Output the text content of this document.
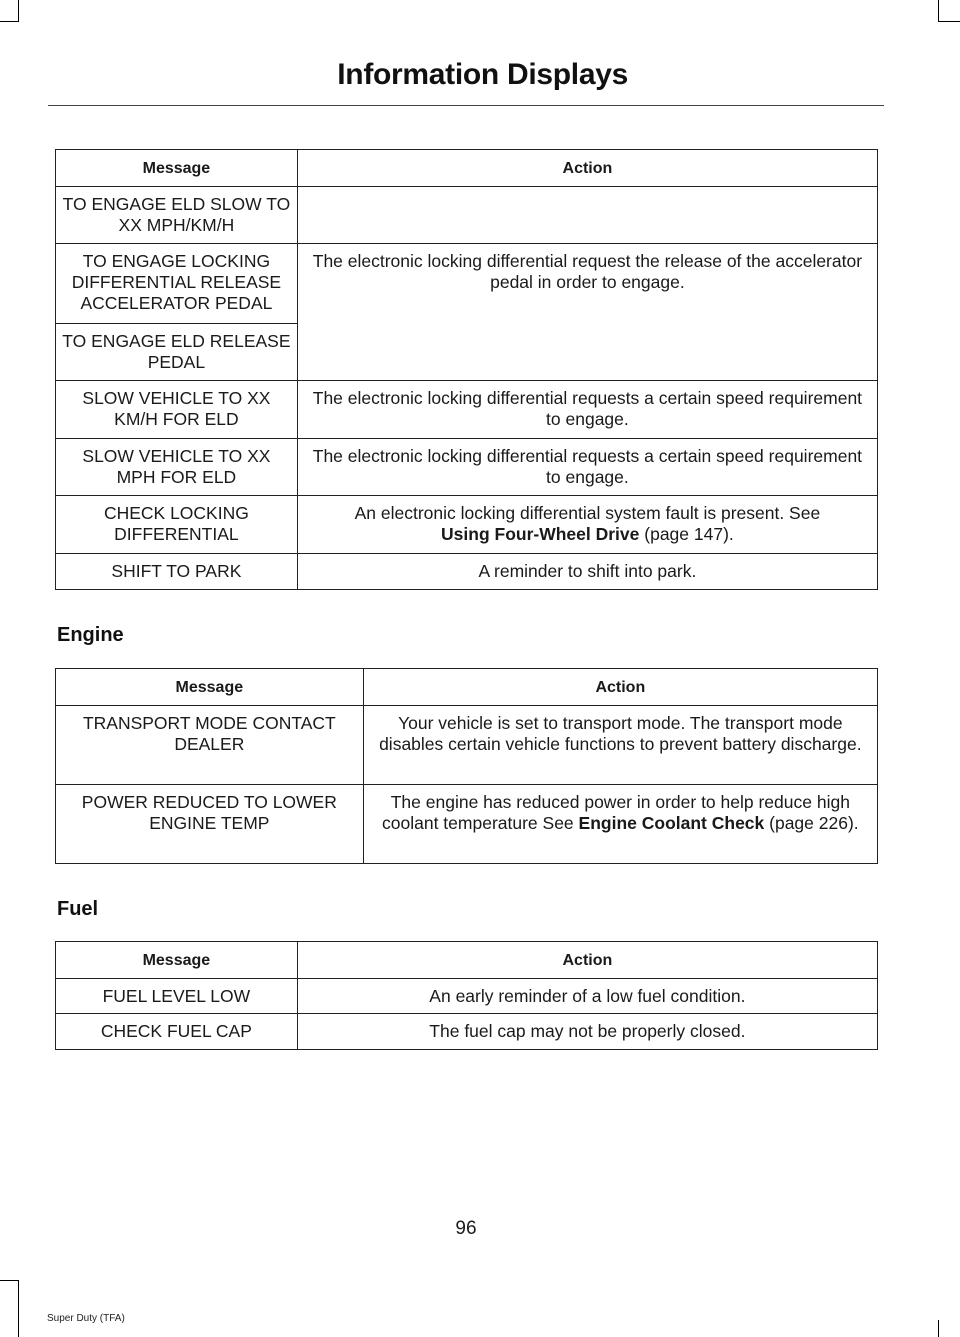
Information Displays
Message	Action
TO ENGAGE ELD SLOW TO XX MPH/KM/H	
TO ENGAGE LOCKING DIFFERENTIAL RELEASE ACCELERATOR PEDAL	The electronic locking differential request the release of the accelerator pedal in order to engage.
TO ENGAGE ELD RELEASE PEDAL	
SLOW VEHICLE TO XX KM/H FOR ELD	The electronic locking differential requests a certain speed requirement to engage.
SLOW VEHICLE TO XX MPH FOR ELD	The electronic locking differential requests a certain speed requirement to engage.
CHECK LOCKING DIFFERENTIAL	An electronic locking differential system fault is present. See
Using Four-Wheel Drive (page 147).
SHIFT TO PARK	A reminder to shift into park.
Engine
Message	Action
TRANSPORT MODE CONTACT DEALER	Your vehicle is set to transport mode. The transport mode disables certain vehicle functions to prevent battery discharge.
POWER REDUCED TO LOWER ENGINE TEMP	The engine has reduced power in order to help reduce high coolant temperature See Engine Coolant Check (page 226).
Fuel
Message	Action
FUEL LEVEL LOW	An early reminder of a low fuel condition.
CHECK FUEL CAP	The fuel cap may not be properly closed.
96
Super Duty (TFA)
